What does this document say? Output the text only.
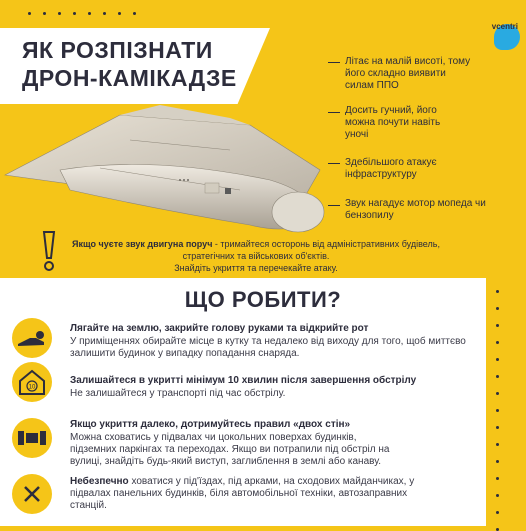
ЯК РОЗПІЗНАТИ
ДРОН-КАМІКАДЗЕ
vcentri
Літає на малій висоті, тому його складно виявити силам ППО
Досить гучний, його можна почути навіть уночі
Здебільшого атакує інфраструктуру
Звук нагадує мотор мопеда чи бензопилу
Якщо чуєте звук двигуна поруч - тримайтеся осторонь від адміністративних будівель, стратегічних та військових об'єктів.
Знайдіть укриття та перечекайте атаку.
ЩО РОБИТИ?
Лягайте на землю, закрийте голову руками та відкрийте рот
У приміщеннях обирайте місце в кутку та недалеко від виходу для того, щоб миттєво залишити будинок у випадку попадання снаряда.
10
Залишайтеся в укритті мінімум 10 хвилин після завершення обстрілу
Не залишайтеся у транспорті під час обстрілу.
Якщо укриття далеко, дотримуйтесь правил «двох стін»
Можна сховатись у підвалах чи цокольних поверхах будинків, підземних паркінгах та переходах. Якщо ви потрапили під обстріл на вулиці, знайдіть будь-який виступ, заглиблення в землі або канаву.
Небезпечно ховатися у під'їздах, під арками, на сходових майданчиках, у підвалах панельних будинків, біля автомобільної техніки, автозаправних станцій.
